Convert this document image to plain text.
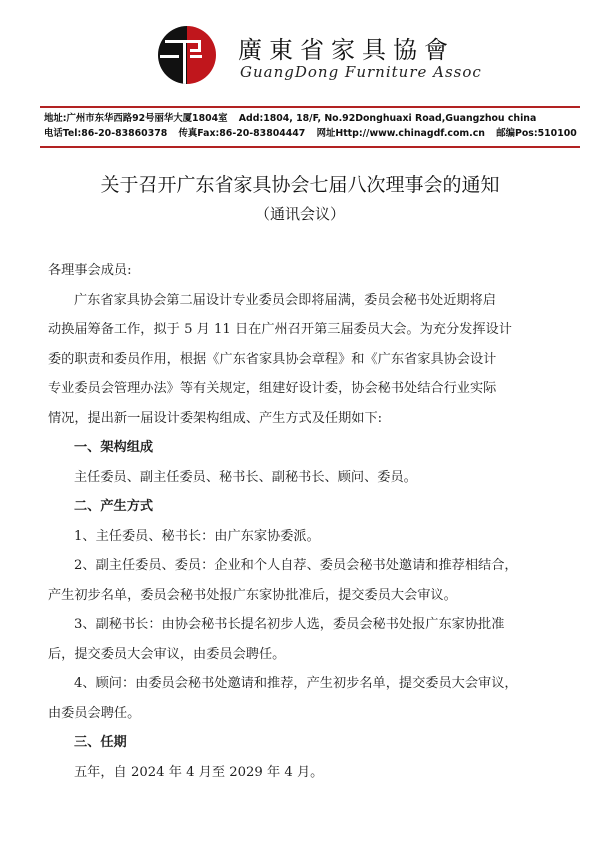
廣東省家具協會
GuangDong Furniture Assoc
地址:广州市东华西路92号丽华大厦1804室 Add:1804, 18/F, No.92Donghuaxi Road,Guangzhou china
电话Tel:86-20-83860378 传真Fax:86-20-83804447 网址Http://www.chinagdf.com.cn 邮编Pos:510100
关于召开广东省家具协会七届八次理事会的通知
（通讯会议）

各理事会成员:

广东省家具协会第二届设计专业委员会即将届满，委员会秘书处近期将启

动换届筹备工作，拟于 5 月 11 日在广州召开第三届委员大会。为充分发挥设计

委的职责和委员作用，根据《广东省家具协会章程》和《广东省家具协会设计

专业委员会管理办法》等有关规定，组建好设计委，协会秘书处结合行业实际

情况，提出新一届设计委架构组成、产生方式及任期如下:

一、架构组成

主任委员、副主任委员、秘书长、副秘书长、顾问、委员。

二、产生方式

1、主任委员、秘书长：由广东家协委派。

2、副主任委员、委员：企业和个人自荐、委员会秘书处邀请和推荐相结合，

产生初步名单，委员会秘书处报广东家协批准后，提交委员大会审议。

3、副秘书长：由协会秘书长提名初步人选，委员会秘书处报广东家协批准

后，提交委员大会审议，由委员会聘任。

4、顾问：由委员会秘书处邀请和推荐，产生初步名单，提交委员大会审议，

由委员会聘任。

三、任期

五年，自 2024 年 4 月至 2029 年 4 月。
